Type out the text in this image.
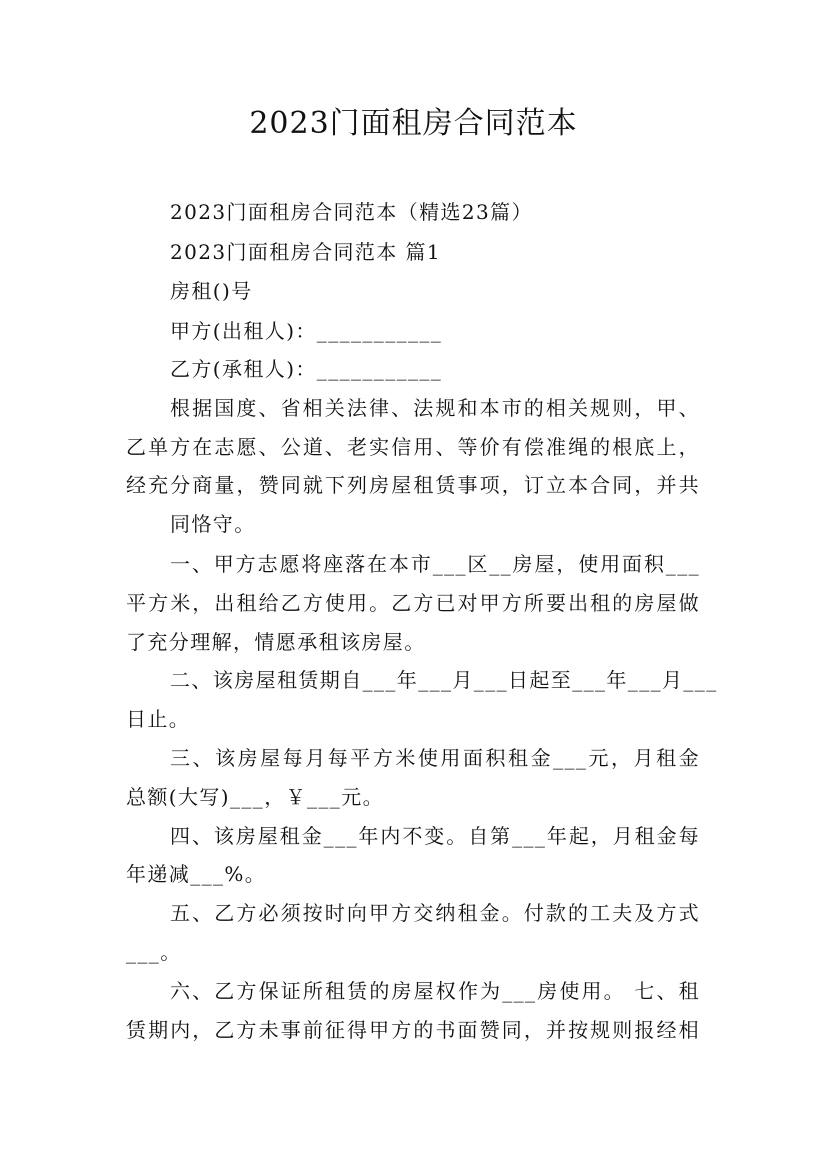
2023门面租房合同范本
2023门面租房合同范本（精选23篇）
2023门面租房合同范本 篇1
房租()号
甲方(出租人)：___________
乙方(承租人)：___________
根据国度、省相关法律、法规和本市的相关规则，甲、
乙单方在志愿、公道、老实信用、等价有偿准绳的根底上，
经充分商量，赞同就下列房屋租赁事项，订立本合同，并共
同恪守。
一、甲方志愿将座落在本市___区__房屋，使用面积___
平方米，出租给乙方使用。乙方已对甲方所要出租的房屋做
了充分理解，情愿承租该房屋。
二、该房屋租赁期自___年___月___日起至___年___月___
日止。
三、该房屋每月每平方米使用面积租金___元，月租金
总额(大写)___，￥___元。
四、该房屋租金___年内不变。自第___年起，月租金每
年递减___%。
五、乙方必须按时向甲方交纳租金。付款的工夫及方式
___。
六、乙方保证所租赁的房屋权作为___房使用。 七、租
赁期内，乙方未事前征得甲方的书面赞同，并按规则报经相
